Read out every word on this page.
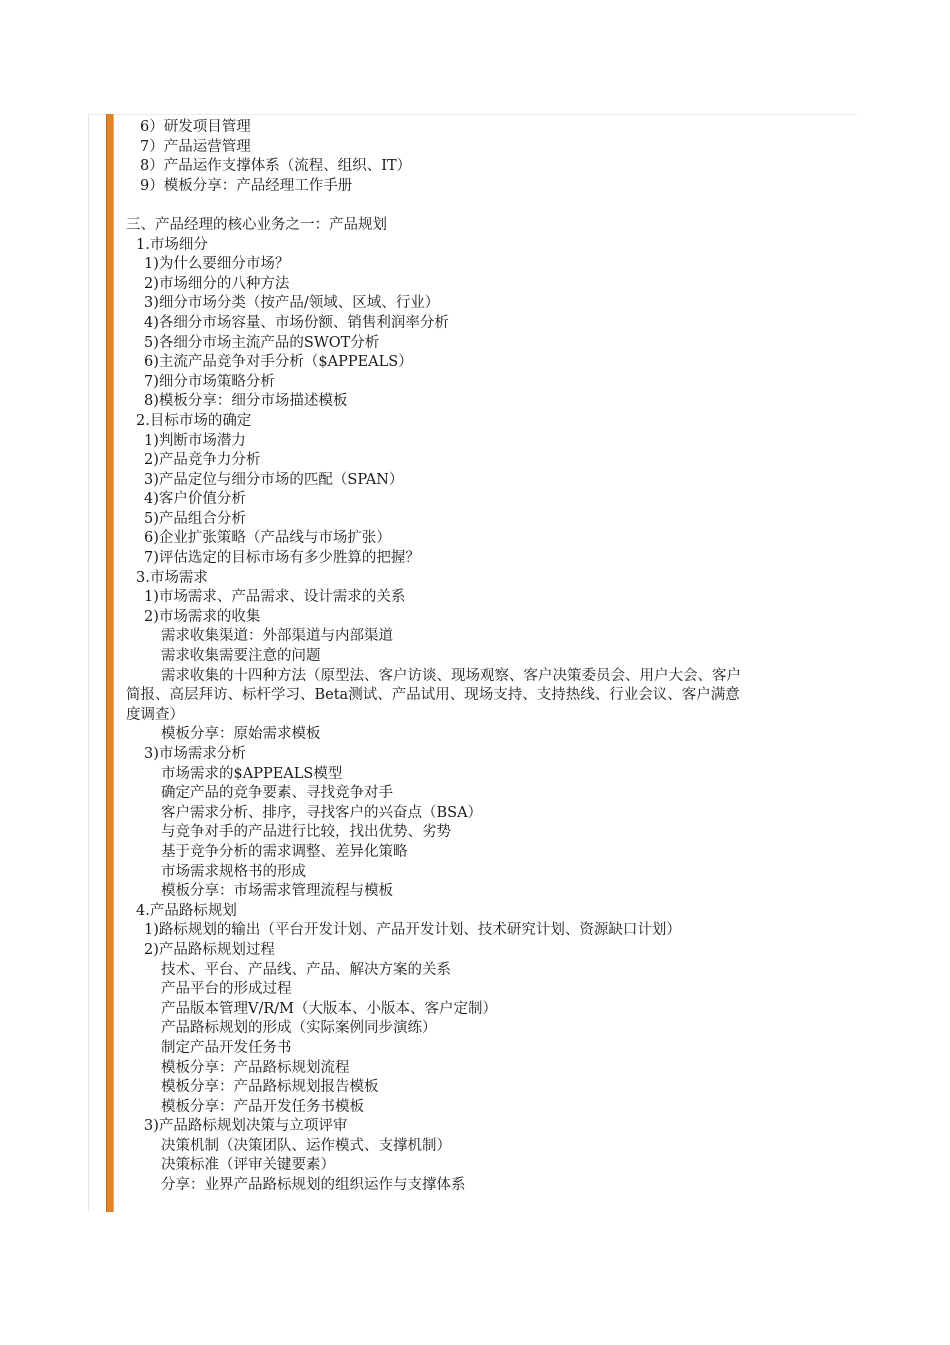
6）研发项目管理
7）产品运营管理
8）产品运作支撑体系（流程、组织、IT）
9）模板分享：产品经理工作手册
三、产品经理的核心业务之一：产品规划
1.市场细分
1)为什么要细分市场？
2)市场细分的八种方法
3)细分市场分类（按产品/领域、区域、行业）
4)各细分市场容量、市场份额、销售利润率分析
5)各细分市场主流产品的SWOT分析
6)主流产品竞争对手分析（$APPEALS）
7)细分市场策略分析
8)模板分享：细分市场描述模板
2.目标市场的确定
1)判断市场潜力
2)产品竞争力分析
3)产品定位与细分市场的匹配（SPAN）
4)客户价值分析
5)产品组合分析
6)企业扩张策略（产品线与市场扩张）
7)评估选定的目标市场有多少胜算的把握？
3.市场需求
1)市场需求、产品需求、设计需求的关系
2)市场需求的收集
需求收集渠道：外部渠道与内部渠道
需求收集需要注意的问题
需求收集的十四种方法（原型法、客户访谈、现场观察、客户决策委员会、用户大会、客户
简报、高层拜访、标杆学习、Beta测试、产品试用、现场支持、支持热线、行业会议、客户满意
度调查）
模板分享：原始需求模板
3)市场需求分析
市场需求的$APPEALS模型
确定产品的竞争要素、寻找竞争对手
客户需求分析、排序，寻找客户的兴奋点（BSA）
与竞争对手的产品进行比较，找出优势、劣势
基于竞争分析的需求调整、差异化策略
市场需求规格书的形成
模板分享：市场需求管理流程与模板
4.产品路标规划
1)路标规划的输出（平台开发计划、产品开发计划、技术研究计划、资源缺口计划）
2)产品路标规划过程
技术、平台、产品线、产品、解决方案的关系
产品平台的形成过程
产品版本管理V/R/M（大版本、小版本、客户定制）
产品路标规划的形成（实际案例同步演练）
制定产品开发任务书
模板分享：产品路标规划流程
模板分享：产品路标规划报告模板
模板分享：产品开发任务书模板
3)产品路标规划决策与立项评审
决策机制（决策团队、运作模式、支撑机制）
决策标准（评审关键要素）
分享：业界产品路标规划的组织运作与支撑体系
